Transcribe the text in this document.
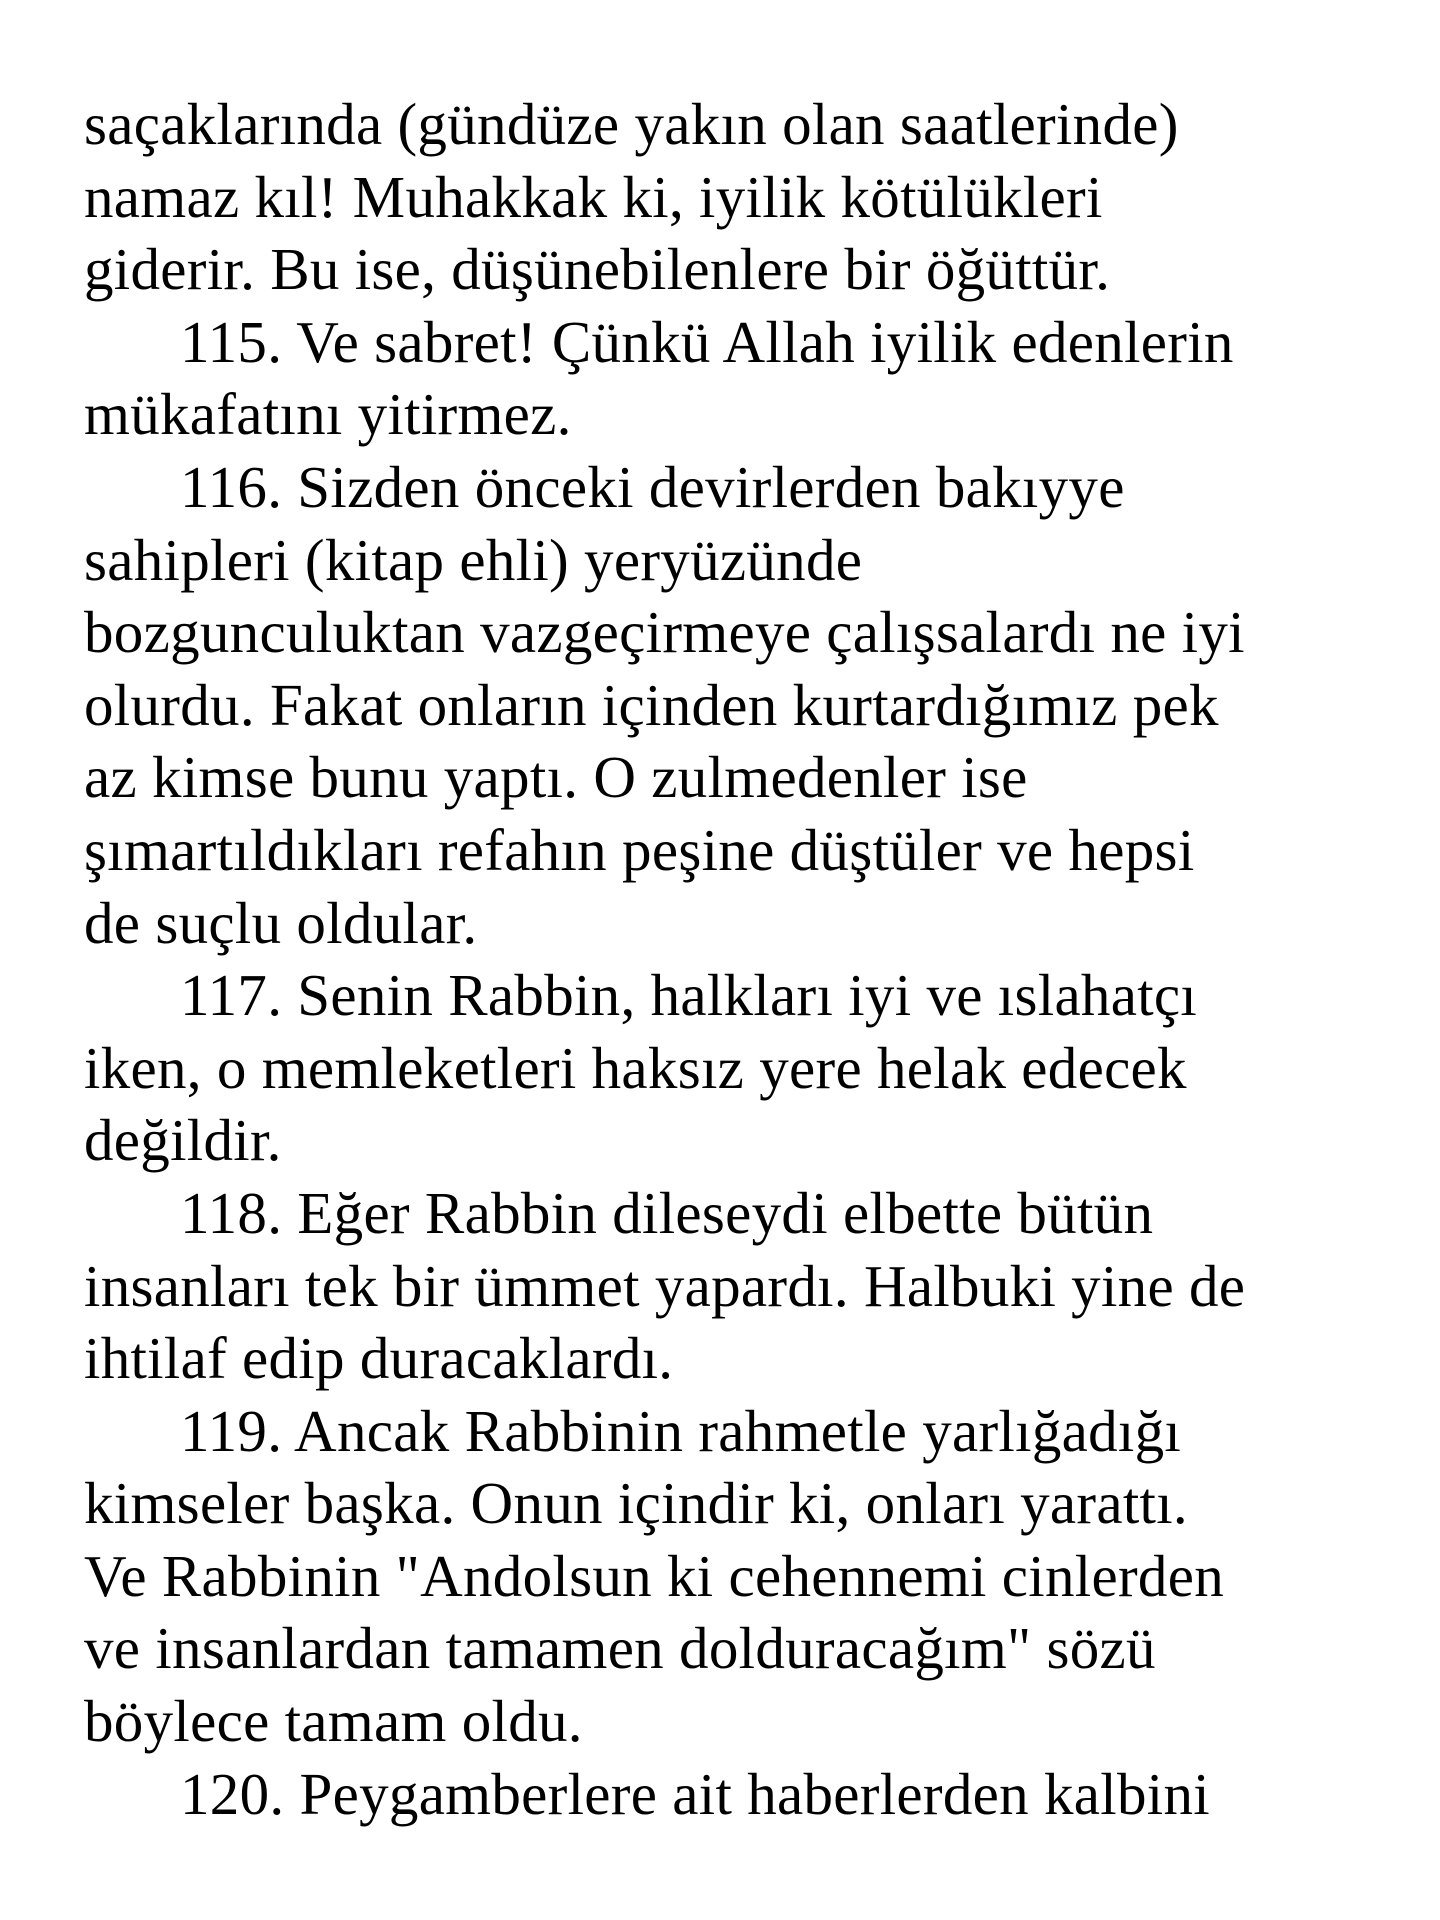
saçaklarında (gündüze yakın olan saatlerinde)
namaz kıl! Muhakkak ki, iyilik kötülükleri
giderir. Bu ise, düşünebilenlere bir öğüttür.
115. Ve sabret! Çünkü Allah iyilik edenlerin
mükafatını yitirmez.
116. Sizden önceki devirlerden bakıyye
sahipleri (kitap ehli) yeryüzünde
bozgunculuktan vazgeçirmeye çalışsalardı ne iyi
olurdu. Fakat onların içinden kurtardığımız pek
az kimse bunu yaptı. O zulmedenler ise
şımartıldıkları refahın peşine düştüler ve hepsi
de suçlu oldular.
117. Senin Rabbin, halkları iyi ve ıslahatçı
iken, o memleketleri haksız yere helak edecek
değildir.
118. Eğer Rabbin dileseydi elbette bütün
insanları tek bir ümmet yapardı. Halbuki yine de
ihtilaf edip duracaklardı.
119. Ancak Rabbinin rahmetle yarlığadığı
kimseler başka. Onun içindir ki, onları yarattı.
Ve Rabbinin "Andolsun ki cehennemi cinlerden
ve insanlardan tamamen dolduracağım" sözü
böylece tamam oldu.
120. Peygamberlere ait haberlerden kalbini
